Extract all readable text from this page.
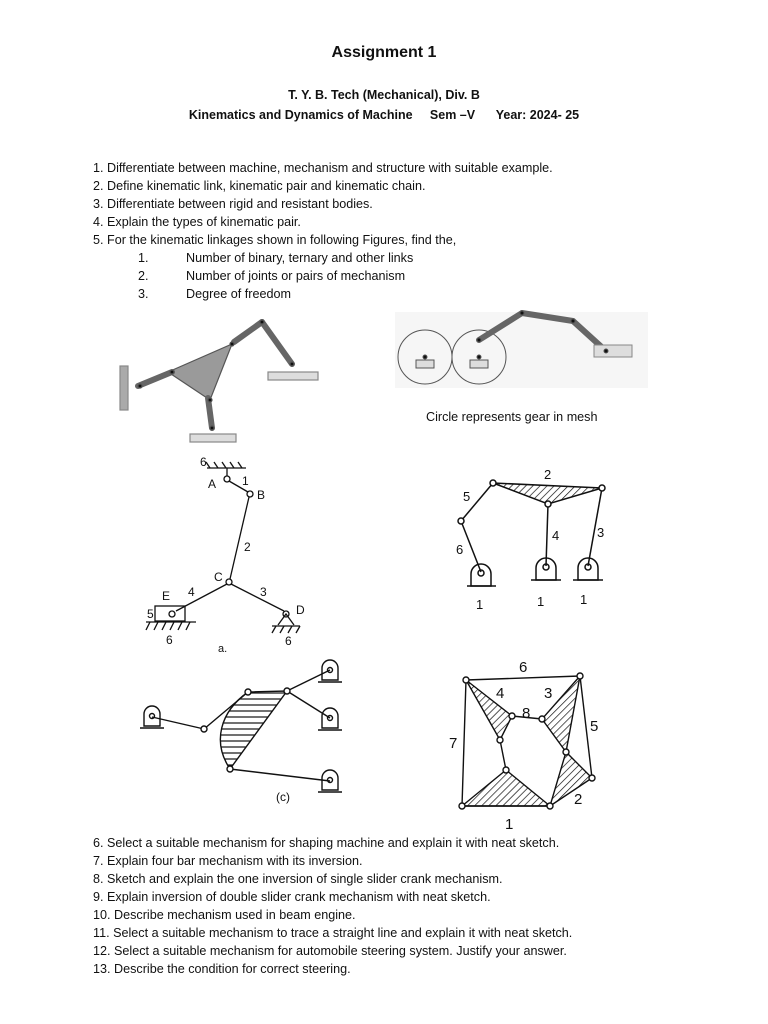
Assignment 1
T. Y. B. Tech (Mechanical), Div. B
Kinematics and Dynamics of Machine Sem –V Year: 2024- 25
1. Differentiate between machine, mechanism and structure with suitable example.
2. Define kinematic link, kinematic pair and kinematic chain.
3. Differentiate between rigid and resistant bodies.
4. Explain the types of kinematic pair.
5. For the kinematic linkages shown in following Figures, find the,
1.	Number of binary, ternary and other links
2.	Number of joints or pairs of mechanism
3.	Degree of freedom
6
A 1
B
2
C
4	3
E
5
6
D
6
a.
2
5
4	3
6
1	1	1
(c)
6
4	3
8
7
5
2
1
Circle represents gear in mesh
6. Select a suitable mechanism for shaping machine and explain it with neat sketch.
7. Explain four bar mechanism with its inversion.
8. Sketch and explain the one inversion of single slider crank mechanism.
9. Explain inversion of double slider crank mechanism with neat sketch.
10. Describe mechanism used in beam engine.
11. Select a suitable mechanism to trace a straight line and explain it with neat sketch.
12. Select a suitable mechanism for automobile steering system. Justify your answer.
13. Describe the condition for correct steering.
